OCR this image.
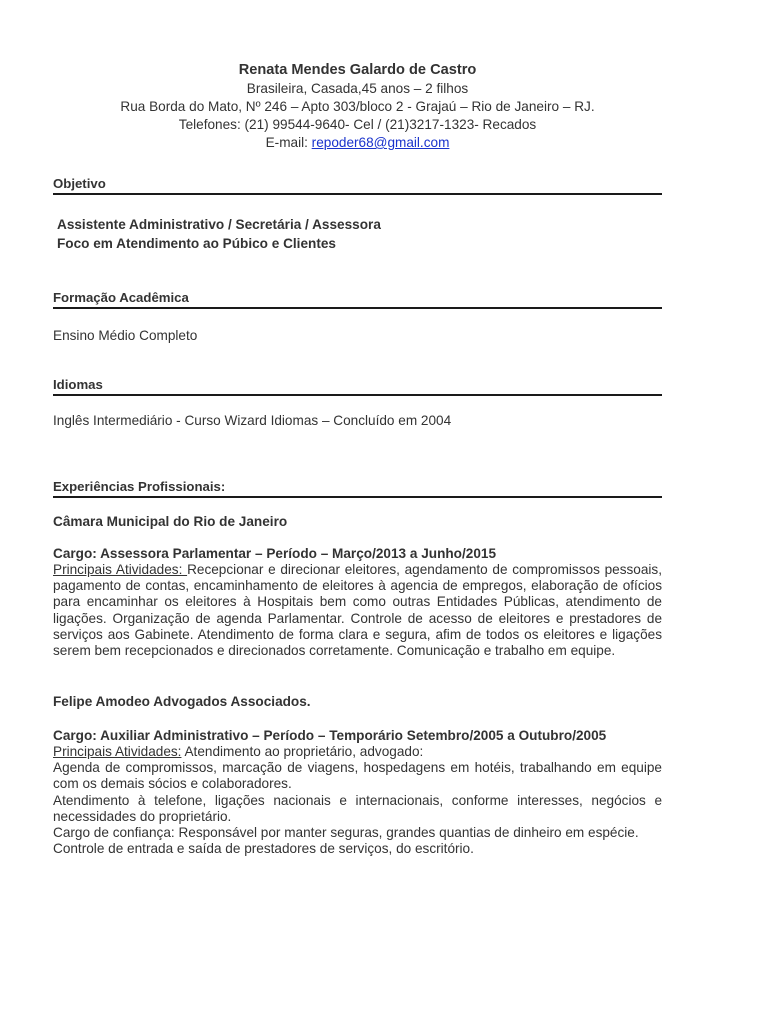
Renata Mendes Galardo de Castro
Brasileira, Casada,45 anos – 2 filhos
Rua Borda do Mato, Nº 246 – Apto 303/bloco 2 - Grajaú – Rio de Janeiro – RJ.
Telefones: (21) 99544-9640- Cel / (21)3217-1323- Recados
E-mail: repoder68@gmail.com
Objetivo
Assistente Administrativo / Secretária / Assessora
Foco em Atendimento ao Púbico e Clientes
Formação Acadêmica
Ensino Médio Completo
Idiomas
Inglês Intermediário - Curso Wizard Idiomas – Concluído em 2004
Experiências Profissionais:
Câmara Municipal do Rio de Janeiro
Cargo: Assessora Parlamentar – Período – Março/2013 a Junho/2015
Principais Atividades: Recepcionar e direcionar eleitores, agendamento de compromissos pessoais, pagamento de contas, encaminhamento de eleitores à agencia de empregos, elaboração de ofícios para encaminhar os eleitores à Hospitais bem como outras Entidades Públicas, atendimento de ligações. Organização de agenda Parlamentar. Controle de acesso de eleitores e prestadores de serviços aos Gabinete. Atendimento de forma clara e segura, afim de todos os eleitores e ligações serem bem recepcionados e direcionados corretamente. Comunicação e trabalho em equipe.
Felipe Amodeo Advogados Associados.
Cargo: Auxiliar Administrativo – Período – Temporário Setembro/2005 a Outubro/2005
Principais Atividades: Atendimento ao proprietário, advogado:
Agenda de compromissos, marcação de viagens, hospedagens em hotéis, trabalhando em equipe com os demais sócios e colaboradores.
Atendimento à telefone, ligações nacionais e internacionais, conforme interesses, negócios e necessidades do proprietário.
Cargo de confiança: Responsável por manter seguras, grandes quantias de dinheiro em espécie.
Controle de entrada e saída de prestadores de serviços, do escritório.
